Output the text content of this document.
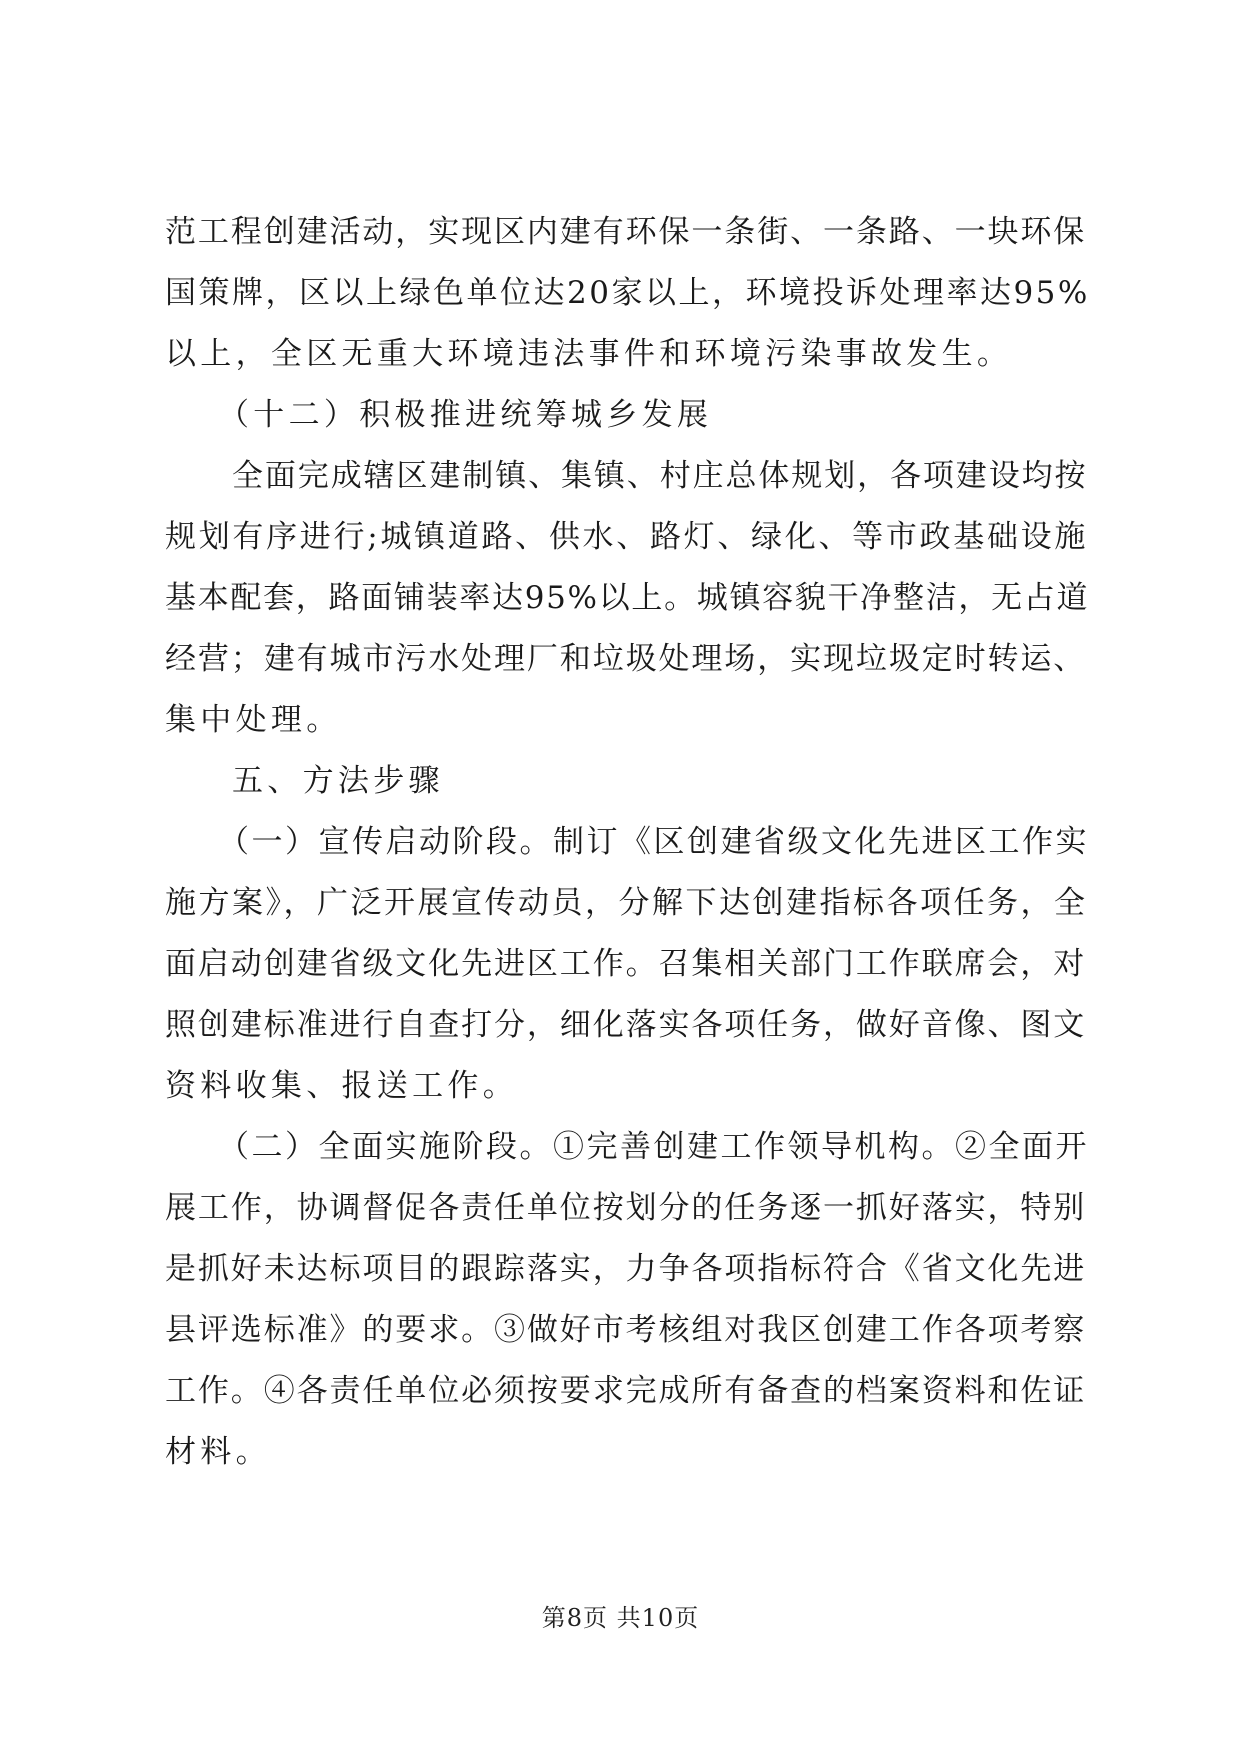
范工程创建活动，实现区内建有环保一条街、一条路、一块环保
国策牌，区以上绿色单位达20家以上，环境投诉处理率达95%
以上，全区无重大环境违法事件和环境污染事故发生。
（十二）积极推进统筹城乡发展
全面完成辖区建制镇、集镇、村庄总体规划，各项建设均按
规划有序进行;城镇道路、供水、路灯、绿化、等市政基础设施
基本配套，路面铺装率达95%以上。城镇容貌干净整洁，无占道
经营；建有城市污水处理厂和垃圾处理场，实现垃圾定时转运、
集中处理。
五、方法步骤
（一）宣传启动阶段。制订《区创建省级文化先进区工作实
施方案》，广泛开展宣传动员，分解下达创建指标各项任务，全
面启动创建省级文化先进区工作。召集相关部门工作联席会，对
照创建标准进行自查打分，细化落实各项任务，做好音像、图文
资料收集、报送工作。
（二）全面实施阶段。①完善创建工作领导机构。②全面开
展工作，协调督促各责任单位按划分的任务逐一抓好落实，特别
是抓好未达标项目的跟踪落实，力争各项指标符合《省文化先进
县评选标准》的要求。③做好市考核组对我区创建工作各项考察
工作。④各责任单位必须按要求完成所有备查的档案资料和佐证
材料。
第8页 共10页
